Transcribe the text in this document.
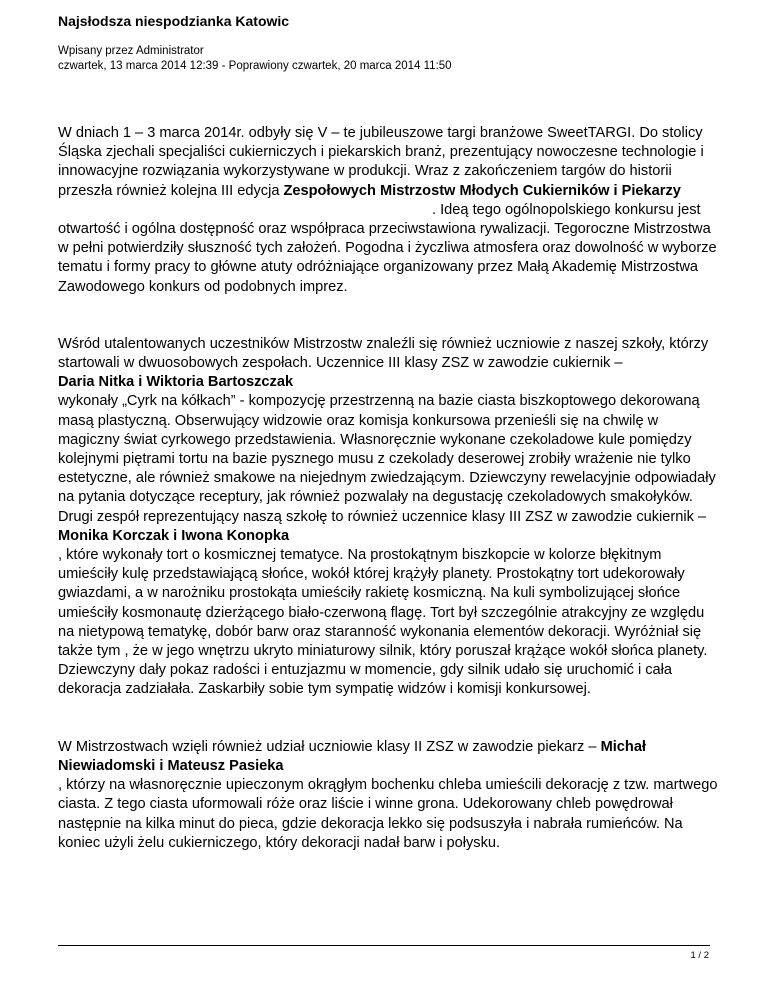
Najsłodsza niespodzianka Katowic
Wpisany przez Administrator
czwartek, 13 marca 2014 12:39 - Poprawiony czwartek, 20 marca 2014 11:50

W dniach 1 – 3 marca 2014r. odbyły się V – te jubileuszowe targi branżowe SweetTARGI. Do stolicy Śląska zjechali specjaliści cukierniczych i piekarskich branż, prezentujący nowoczesne technologie i innowacyjne rozwiązania wykorzystywane w produkcji. Wraz z zakończeniem targów do historii przeszła również kolejna III edycja Zespołowych Mistrzostw Młodych Cukierników i Piekarzy. Ideą tego ogólnopolskiego konkursu jest otwartość i ogólna dostępność oraz współpraca przeciwstawiona rywalizacji. Tegoroczne Mistrzostwa w pełni potwierdziły słuszność tych założeń. Pogodna i życzliwa atmosfera oraz dowolność w wyborze tematu i formy pracy to główne atuty odróżniające organizowany przez Małą Akademię Mistrzostwa Zawodowego konkurs od podobnych imprez.

Wśród utalentowanych uczestników Mistrzostw znaleźli się również uczniowie z naszej szkoły, którzy startowali w dwuosobowych zespołach. Uczennice III klasy ZSZ w zawodzie cukiernik –
Daria Nitka i Wiktoria Bartoszczak
wykonały „Cyrk na kółkach” - kompozycję przestrzenną na bazie ciasta biszkoptowego dekorowaną masą plastyczną. Obserwujący widzowie oraz komisja konkursowa przenieśli się na chwilę w magiczny świat cyrkowego przedstawienia. Własnoręcznie wykonane czekoladowe kule pomiędzy kolejnymi piętrami tortu na bazie pysznego musu z czekolady deserowej zrobiły wrażenie nie tylko estetyczne, ale również smakowe na niejednym zwiedzającym. Dziewczyny rewelacyjnie odpowiadały na pytania dotyczące receptury, jak również pozwalały na degustację czekoladowych smakołyków. Drugi zespół reprezentujący naszą szkołę to również uczennice klasy III ZSZ w zawodzie cukiernik –
Monika Korczak i Iwona Konopka
, które wykonały tort o kosmicznej tematyce. Na prostokątnym biszkopcie w kolorze błękitnym umieściły kulę przedstawiającą słońce, wokół której krążyły planety. Prostokątny tort udekorowały gwiazdami, a w narożniku prostokąta umieściły rakietę kosmiczną. Na kuli symbolizującej słońce umieściły kosmonautę dzierżącego biało-czerwoną flagę. Tort był szczególnie atrakcyjny ze względu na nietypową tematykę, dobór barw oraz staranność wykonania elementów dekoracji. Wyróżniał się także tym , że w jego wnętrzu ukryto miniaturowy silnik, który poruszał krążące wokół słońca planety. Dziewczyny dały pokaz radości i entuzjazmu w momencie, gdy silnik udało się uruchomić i cała dekoracja zadziałała. Zaskarbiły sobie tym sympatię widzów i komisji konkursowej.

W Mistrzostwach wzięli również udział uczniowie klasy II ZSZ w zawodzie piekarz – Michał Niewiadomski i Mateusz Pasieka
, którzy na własnoręcznie upieczonym okrągłym bochenku chleba umieścili dekorację z tzw. martwego ciasta. Z tego ciasta uformowali róże oraz liście i winne grona. Udekorowany chleb powędrował następnie na kilka minut do pieca, gdzie dekoracja lekko się podsuszyła i nabrała rumieńców. Na koniec użyli żelu cukierniczego, który dekoracji nadał barw i połysku.

1 / 2
